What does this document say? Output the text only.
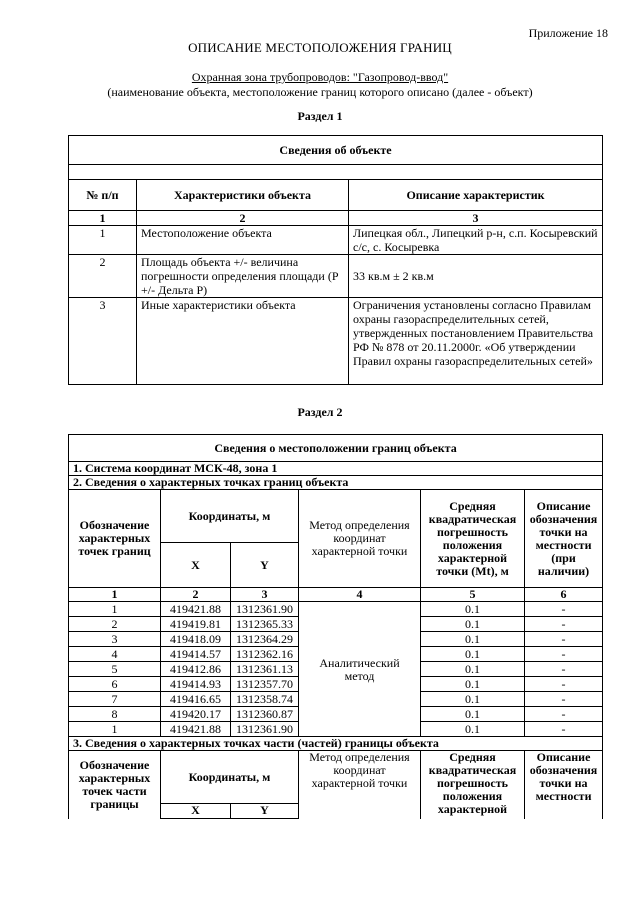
Приложение 18
ОПИСАНИЕ МЕСТОПОЛОЖЕНИЯ ГРАНИЦ
Охранная зона трубопроводов: "Газопровод-ввод"
(наименование объекта, местоположение границ которого описано (далее - объект)
Раздел 1
Сведения об объекте		

№ п/п	Характеристики объекта	Описание характеристик
1	2	3
1	Местоположение объекта	Липецкая обл., Липецкий р-н, с.п. Косыревский с/с, с. Косыревка
2	Площадь объекта +/- величина погрешности определения площади (P +/- Дельта P)	33 кв.м ± 2 кв.м
3	Иные характеристики объекта	Ограничения установлены согласно Правилам охраны газораспределительных сетей, утвержденных постановлением Правительства РФ № 878 от 20.11.2000г. «Об утверждении Правил охраны газораспределительных сетей»
Раздел 2
Сведения о местоположении границ объекта					
1. Система координат МСК-48, зона 1					
2. Сведения о характерных точках границ объекта					
Обозначение характерных точек границ	Координаты, м		Метод определения координат характерной точки	Средняя квадратическая погрешность положения характерной точки (Mt), м	Описание обозначения точки на местности (при наличии)
	X	Y			
1	2	3	4	5	6
1	419421.88	1312361.90	Аналитический метод	0.1	-
2	419419.81	1312365.33		0.1	-
3	419418.09	1312364.29		0.1	-
4	419414.57	1312362.16		0.1	-
5	419412.86	1312361.13		0.1	-
6	419414.93	1312357.70		0.1	-
7	419416.65	1312358.74		0.1	-
8	419420.17	1312360.87		0.1	-
1	419421.88	1312361.90		0.1	-
3. Сведения о характерных точках части (частей) границы объекта					
Обозначение характерных точек части границы	Координаты, м		Метод определения координат характерной точки	Средняя квадратическая погрешность положения характерной	Описание обозначения точки на местности
	X	Y			
